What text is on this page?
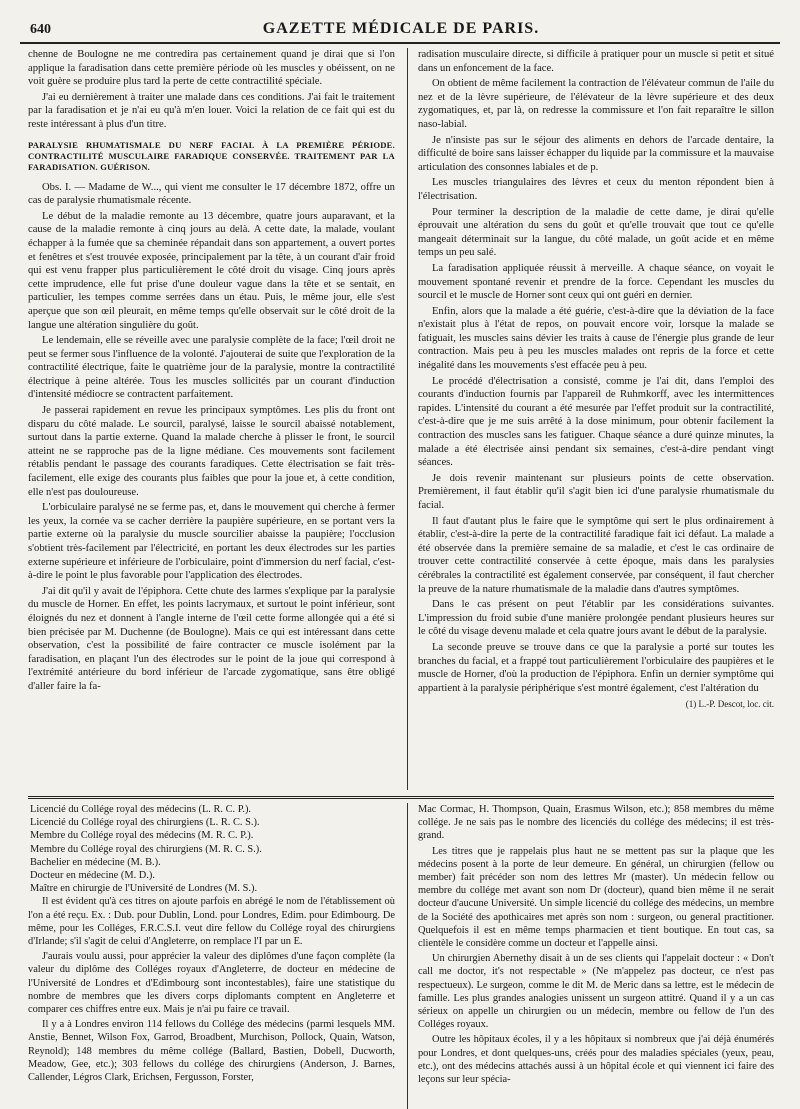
640	GAZETTE MÉDICALE DE PARIS.

chenne de Boulogne ne me contredira pas certainement quand je dirai que si l'on applique la faradisation dans cette première période où les muscles y obéissent, on ne voit guère se produire plus tard la perte de cette contractilité spéciale.

J'ai eu dernièrement à traiter une malade dans ces conditions. J'ai fait le traitement par la faradisation et je n'ai eu qu'à m'en louer. Voici la relation de ce fait qui est du reste intéressant à plus d'un titre.

PARALYSIE RHUMATISMALE DU NERF FACIAL À LA PREMIÈRE PÉRIODE. CONTRACTILITÉ MUSCULAIRE FARADIQUE CONSERVÉE. TRAITEMENT PAR LA FARADISATION. GUÉRISON.

Obs. I. — Madame de W..., qui vient me consulter le 17 décembre 1872, offre un cas de paralysie rhumatismale récente.

Le début de la maladie remonte au 13 décembre, quatre jours auparavant, et la cause de la maladie remonte à cinq jours au delà. A cette date, la malade, voulant échapper à la fumée que sa cheminée répandait dans son appartement, a ouvert portes et fenêtres et s'est trouvée exposée, principalement par la tête, à un courant d'air froid qui est venu frapper plus particulièrement le côté droit du visage. Cinq jours après cette imprudence, elle fut prise d'une douleur vague dans la tête et se sentait, en particulier, les tempes comme serrées dans un étau. Puis, le même jour, elle s'est aperçue que son œil pleurait, en même temps qu'elle observait sur le côté droit de la langue une altération singulière du goût.

Le lendemain, elle se réveille avec une paralysie complète de la face; l'œil droit ne peut se fermer sous l'influence de la volonté. J'ajouterai de suite que l'exploration de la contractilité électrique, faite le quatrième jour de la paralysie, montre la contractilité électrique à peine altérée. Tous les muscles sollicités par un courant d'induction d'intensité médiocre se contractent parfaitement.

Je passerai rapidement en revue les principaux symptômes. Les plis du front ont disparu du côté malade. Le sourcil, paralysé, laisse le sourcil abaissé notablement, surtout dans la partie externe. Quand la malade cherche à plisser le front, le sourcil atteint ne se rapproche pas de la ligne médiane. Ces mouvements sont facilement rétablis pendant le passage des courants faradiques. Cette électrisation se fait très-facilement, elle exige des courants plus faibles que pour la joue et, à cette condition, elle n'est pas douloureuse.

L'orbiculaire paralysé ne se ferme pas, et, dans le mouvement qui cherche à fermer les yeux, la cornée va se cacher derrière la paupière supérieure, en se portant vers la partie externe où la paralysie du muscle sourcilier abaisse la paupière; l'occlusion s'obtient très-facilement par l'électricité, en portant les deux électrodes sur les parties externe supérieure et inférieure de l'orbiculaire, point d'immersion du nerf facial, c'est-à-dire le point le plus favorable pour l'application des électrodes.

J'ai dit qu'il y avait de l'épiphora. Cette chute des larmes s'explique par la paralysie du muscle de Horner. En effet, les points lacrymaux, et surtout le point inférieur, sont éloignés du nez et donnent à l'angle interne de l'œil cette forme allongée qui a été si bien précisée par M. Duchenne (de Boulogne). Mais ce qui est intéressant dans cette observation, c'est la possibilité de faire contracter ce muscle isolément par la faradisation, en plaçant l'un des électrodes sur le point de la joue qui correspond à l'extrémité antérieure du bord inférieur de l'arcade zygomatique, sans être obligé d'aller faire la fa-

radisation musculaire directe, si difficile à pratiquer pour un muscle si petit et situé dans un enfoncement de la face.

On obtient de même facilement la contraction de l'élévateur commun de l'aile du nez et de la lèvre supérieure, de l'élévateur de la lèvre supérieure et des deux zygomatiques, et, par là, on redresse la commissure et l'on fait reparaître le sillon naso-labial.

Je n'insiste pas sur le séjour des aliments en dehors de l'arcade dentaire, la difficulté de boire sans laisser échapper du liquide par la commissure et la mauvaise articulation des consonnes labiales et de p.

Les muscles triangulaires des lèvres et ceux du menton répondent bien à l'électrisation.

Pour terminer la description de la maladie de cette dame, je dirai qu'elle éprouvait une altération du sens du goût et qu'elle trouvait que tout ce qu'elle mangeait déterminait sur la langue, du côté malade, un goût acide et en même temps un peu salé.

La faradisation appliquée réussit à merveille. A chaque séance, on voyait le mouvement spontané revenir et prendre de la force. Cependant les muscles du sourcil et le muscle de Horner sont ceux qui ont guéri en dernier.

Enfin, alors que la malade a été guérie, c'est-à-dire que la déviation de la face n'existait plus à l'état de repos, on pouvait encore voir, lorsque la malade se fatiguait, les muscles sains dévier les traits à cause de l'énergie plus grande de leur contraction. Mais peu à peu les muscles malades ont repris de la force et cette inégalité dans les mouvements s'est effacée peu à peu.

Le procédé d'électrisation a consisté, comme je l'ai dit, dans l'emploi des courants d'induction fournis par l'appareil de Ruhmkorff, avec les intermittences rapides. L'intensité du courant a été mesurée par l'effet produit sur la contractilité, c'est-à-dire que je me suis arrêté à la dose minimum, pour obtenir facilement la contraction des muscles sans les fatiguer. Chaque séance a duré quinze minutes, la malade a été électrisée ainsi pendant six semaines, c'est-à-dire pendant vingt séances.

Je dois revenir maintenant sur plusieurs points de cette observation. Premièrement, il faut établir qu'il s'agit bien ici d'une paralysie rhumatismale du facial.

Il faut d'autant plus le faire que le symptôme qui sert le plus ordinairement à établir, c'est-à-dire la perte de la contractilité faradique fait ici défaut. La malade a été observée dans la première semaine de sa maladie, et c'est le cas ordinaire de trouver cette contractilité conservée à cette époque, mais dans les paralysies cérébrales la contractilité est également conservée, par conséquent, il faut chercher la preuve de la nature rhumatismale de la maladie dans d'autres symptômes.

Dans le cas présent on peut l'établir par les considérations suivantes. L'impression du froid subie d'une manière prolongée pendant plusieurs heures sur le côté du visage devenu malade et cela quatre jours avant le début de la paralysie.

La seconde preuve se trouve dans ce que la paralysie a porté sur toutes les branches du facial, et a frappé tout particulièrement l'orbiculaire des paupières et le muscle de Horner, d'où la production de l'épiphora. Enfin un dernier symptôme qui appartient à la paralysie périphérique s'est montré également, c'est l'altération du

(1) L.-P. Descot, loc. cit.

Licencié du Collége royal des médecins (L. R. C. P.).

Licencié du Collége royal des chirurgiens (L. R. C. S.).

Membre du Collége royal des médecins (M. R. C. P.).

Membre du Collége royal des chirurgiens (M. R. C. S.).

Bachelier en médecine (M. B.).

Docteur en médecine (M. D.).

Maître en chirurgie de l'Université de Londres (M. S.).

Il est évident qu'à ces titres on ajoute parfois en abrégé le nom de l'établissement où l'on a été reçu. Ex. : Dub. pour Dublin, Lond. pour Londres, Edim. pour Edimbourg. De même, pour les Colléges, F.R.C.S.I. veut dire fellow du Collége royal des chirurgiens d'Irlande; s'il s'agit de celui d'Angleterre, on remplace l'I par un E.

J'aurais voulu aussi, pour apprécier la valeur des diplômes d'une façon complète (la valeur du diplôme des Colléges royaux d'Angleterre, de docteur en médecine de l'Université de Londres et d'Edimbourg sont incontestables), faire une statistique du nombre de membres que les divers corps diplomants comptent en Angleterre et comparer ces chiffres entre eux. Mais je n'ai pu faire ce travail.

Il y a à Londres environ 114 fellows du Collége des médecins (parmi lesquels MM. Anstie, Bennet, Wilson Fox, Garrod, Broadbent, Murchison, Pollock, Quain, Watson, Reynold); 148 membres du même collége (Ballard, Bastien, Dobell, Ducworth, Meadow, Gee, etc.); 303 fellows du collége des chirurgiens (Anderson, J. Barnes, Callender, Légros Clark, Erichsen, Fergusson, Forster,

Mac Cormac, H. Thompson, Quain, Erasmus Wilson, etc.); 858 membres du même collége. Je ne sais pas le nombre des licenciés du collége des médecins; il est très-grand.

Les titres que je rappelais plus haut ne se mettent pas sur la plaque que les médecins posent à la porte de leur demeure. En général, un chirurgien (fellow ou member) fait précéder son nom des lettres Mr (master). Un médecin fellow ou membre du collége met avant son nom Dr (docteur), quand bien même il ne serait docteur d'aucune Université. Un simple licencié du collége des médecins, un membre de la Société des apothicaires met après son nom : surgeon, ou general practitioner. Quelquefois il est en même temps pharmacien et tient boutique. En tout cas, sa clientèle le considère comme un docteur et l'appelle ainsi.

Un chirurgien Abernethy disait à un de ses clients qui l'appelait docteur : « Don't call me doctor, it's not respectable » (Ne m'appelez pas docteur, ce n'est pas respectueux). Le surgeon, comme le dit M. de Meric dans sa lettre, est le médecin de famille. Les plus grandes analogies unissent un surgeon attitré. Quand il y a un cas sérieux on appelle un chirurgien ou un médecin, membre ou fellow de l'un des Colléges royaux.

Outre les hôpitaux écoles, il y a les hôpitaux si nombreux que j'ai déjà énumérés pour Londres, et dont quelques-uns, créés pour des maladies spéciales (yeux, peau, etc.), ont des médecins attachés aussi à un hôpital école et qui viennent ici faire des leçons sur leur spécia-
